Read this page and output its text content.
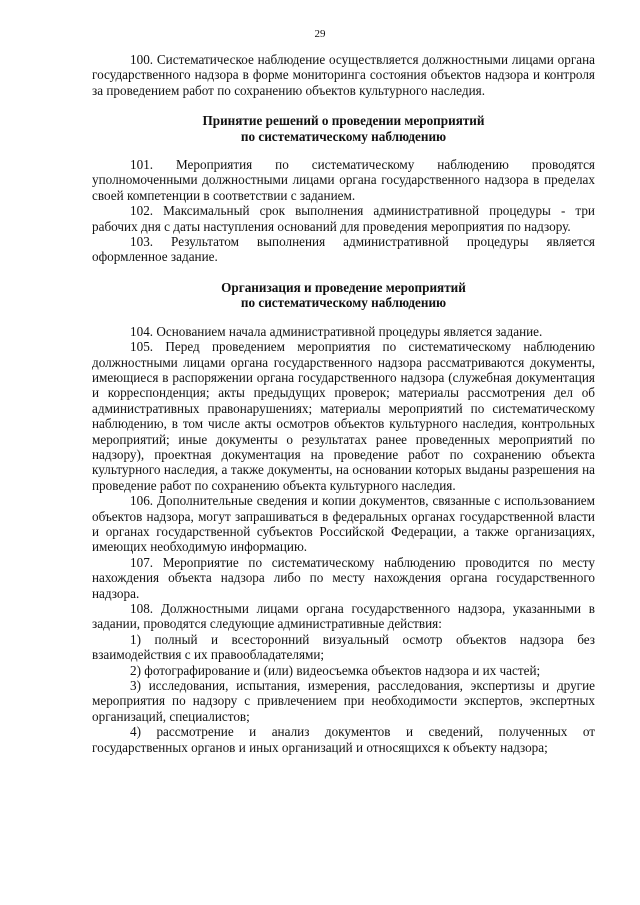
29

100. Систематическое наблюдение осуществляется должностными лицами органа государственного надзора в форме мониторинга состояния объектов надзора и контроля за проведением работ по сохранению объектов культурного наследия.

Принятие решений о проведении мероприятий

по систематическому наблюдению

101. Мероприятия по систематическому наблюдению проводятся уполномоченными должностными лицами органа государственного надзора в пределах своей компетенции в соответствии с заданием.

102. Максимальный срок выполнения административной процедуры - три рабочих дня с даты наступления оснований для проведения мероприятия по надзору.

103. Результатом выполнения административной процедуры является оформленное задание.

Организация и проведение мероприятий

по систематическому наблюдению

104. Основанием начала административной процедуры является задание.

105. Перед проведением мероприятия по систематическому наблюдению должностными лицами органа государственного надзора рассматриваются документы, имеющиеся в распоряжении органа государственного надзора (служебная документация и корреспонденция; акты предыдущих проверок; материалы рассмотрения дел об административных правонарушениях; материалы мероприятий по систематическому наблюдению, в том числе акты осмотров объектов культурного наследия, контрольных мероприятий; иные документы о результатах ранее проведенных мероприятий по надзору), проектная документация на проведение работ по сохранению объекта культурного наследия, а также документы, на основании которых выданы разрешения на проведение работ по сохранению объекта культурного наследия.

106. Дополнительные сведения и копии документов, связанные с использованием объектов надзора, могут запрашиваться в федеральных органах государственной власти и органах государственной субъектов Российской Федерации, а также организациях, имеющих необходимую информацию.

107. Мероприятие по систематическому наблюдению проводится по месту нахождения объекта надзора либо по месту нахождения органа государственного надзора.

108. Должностными лицами органа государственного надзора, указанными в задании, проводятся следующие административные действия:

1) полный и всесторонний визуальный осмотр объектов надзора без взаимодействия с их правообладателями;

2) фотографирование и (или) видеосъемка объектов надзора и их частей;

3) исследования, испытания, измерения, расследования, экспертизы и другие мероприятия по надзору с привлечением при необходимости экспертов, экспертных организаций, специалистов;

4) рассмотрение и анализ документов и сведений, полученных от государственных органов и иных организаций и относящихся к объекту надзора;
